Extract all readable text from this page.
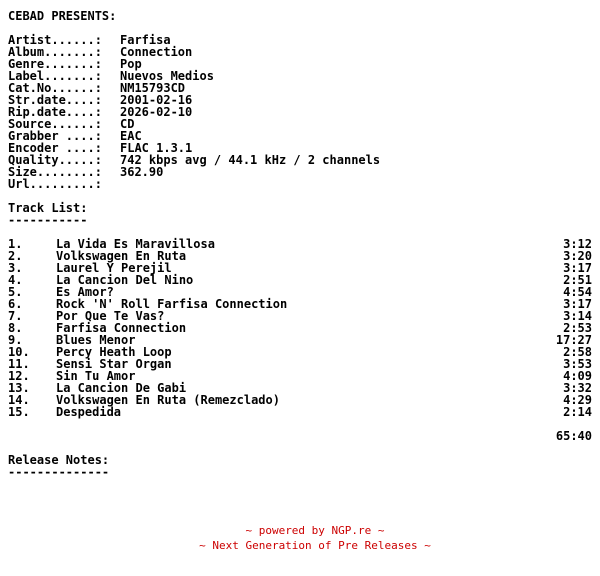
CEBAD PRESENTS:
Artist......:	Farfisa
Album.......:	Connection
Genre.......:	Pop
Label.......:	Nuevos Medios
Cat.No......:	NM15793CD
Str.date....:	2001-02-16
Rip.date....:	2026-02-10
Source......:	CD
Grabber ....:	EAC
Encoder ....:	FLAC 1.3.1
Quality.....:	742 kbps avg / 44.1 kHz / 2 channels
Size........:	362.90
Url.........:
Track List:
-----------
1.	La Vida Es Maravillosa	3:12
2.	Volkswagen En Ruta	3:20
3.	Laurel Y Perejil	3:17
4.	La Cancion Del Nino	2:51
5.	Es Amor?	4:54
6.	Rock 'N' Roll Farfisa Connection	3:17
7.	Por Que Te Vas?	3:14
8.	Farfisa Connection	2:53
9.	Blues Menor	17:27
10.	Percy Heath Loop	2:58
11.	Sensi Star Organ	3:53
12.	Sin Tu Amor	4:09
13.	La Cancion De Gabi	3:32
14.	Volkswagen En Ruta (Remezclado)	4:29
15.	Despedida	2:14
65:40
Release Notes:
--------------
~ powered by NGP.re ~
~ Next Generation of Pre Releases ~
